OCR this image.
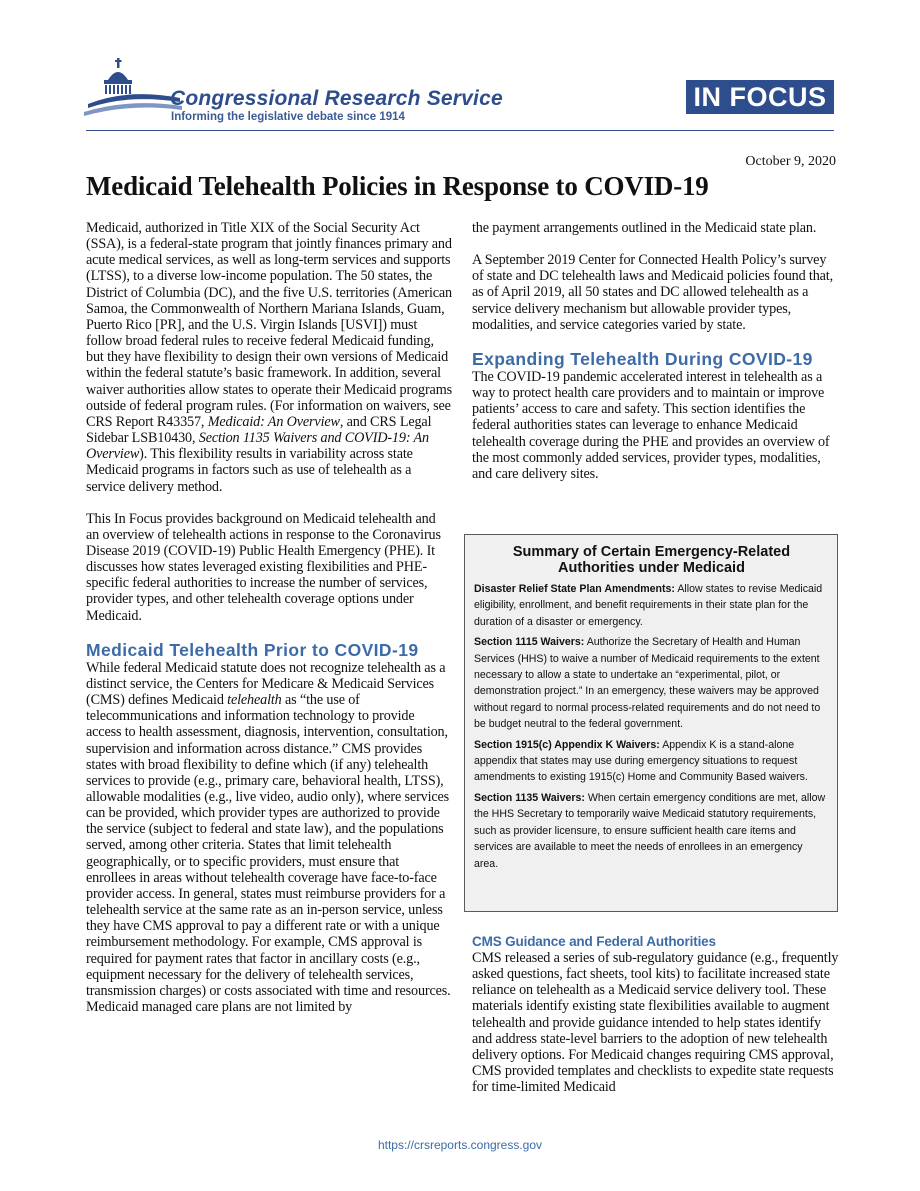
Congressional Research Service
Informing the legislative debate since 1914
IN FOCUS
October 9, 2020
Medicaid Telehealth Policies in Response to COVID-19

Medicaid, authorized in Title XIX of the Social Security Act (SSA), is a federal-state program that jointly finances primary and acute medical services, as well as long-term services and supports (LTSS), to a diverse low-income population. The 50 states, the District of Columbia (DC), and the five U.S. territories (American Samoa, the Commonwealth of Northern Mariana Islands, Guam, Puerto Rico [PR], and the U.S. Virgin Islands [USVI]) must follow broad federal rules to receive federal Medicaid funding, but they have flexibility to design their own versions of Medicaid within the federal statute’s basic framework. In addition, several waiver authorities allow states to operate their Medicaid programs outside of federal program rules. (For information on waivers, see CRS Report R43357, Medicaid: An Overview, and CRS Legal Sidebar LSB10430, Section 1135 Waivers and COVID-19: An Overview). This flexibility results in variability across state Medicaid programs in factors such as use of telehealth as a service delivery method.

This In Focus provides background on Medicaid telehealth and an overview of telehealth actions in response to the Coronavirus Disease 2019 (COVID-19) Public Health Emergency (PHE). It discusses how states leveraged existing flexibilities and PHE-specific federal authorities to increase the number of services, provider types, and other telehealth coverage options under Medicaid.

Medicaid Telehealth Prior to COVID-19

While federal Medicaid statute does not recognize telehealth as a distinct service, the Centers for Medicare & Medicaid Services (CMS) defines Medicaid telehealth as “the use of telecommunications and information technology to provide access to health assessment, diagnosis, intervention, consultation, supervision and information across distance.” CMS provides states with broad flexibility to define which (if any) telehealth services to provide (e.g., primary care, behavioral health, LTSS), allowable modalities (e.g., live video, audio only), where services can be provided, which provider types are authorized to provide the service (subject to federal and state law), and the populations served, among other criteria. States that limit telehealth geographically, or to specific providers, must ensure that enrollees in areas without telehealth coverage have face-to-face provider access. In general, states must reimburse providers for a telehealth service at the same rate as an in-person service, unless they have CMS approval to pay a different rate or with a unique reimbursement methodology. For example, CMS approval is required for payment rates that factor in ancillary costs (e.g., equipment necessary for the delivery of telehealth services, transmission charges) or costs associated with time and resources. Medicaid managed care plans are not limited by

the payment arrangements outlined in the Medicaid state plan.

A September 2019 Center for Connected Health Policy’s survey of state and DC telehealth laws and Medicaid policies found that, as of April 2019, all 50 states and DC allowed telehealth as a service delivery mechanism but allowable provider types, modalities, and service categories varied by state.

Expanding Telehealth During COVID-19

The COVID-19 pandemic accelerated interest in telehealth as a way to protect health care providers and to maintain or improve patients’ access to care and safety. This section identifies the federal authorities states can leverage to enhance Medicaid telehealth coverage during the PHE and provides an overview of the most commonly added services, provider types, modalities, and care delivery sites.

Summary of Certain Emergency-Related Authorities under Medicaid

Disaster Relief State Plan Amendments: Allow states to revise Medicaid eligibility, enrollment, and benefit requirements in their state plan for the duration of a disaster or emergency.

Section 1115 Waivers: Authorize the Secretary of Health and Human Services (HHS) to waive a number of Medicaid requirements to the extent necessary to allow a state to undertake an “experimental, pilot, or demonstration project.” In an emergency, these waivers may be approved without regard to normal process-related requirements and do not need to be budget neutral to the federal government.

Section 1915(c) Appendix K Waivers: Appendix K is a stand-alone appendix that states may use during emergency situations to request amendments to existing 1915(c) Home and Community Based waivers.

Section 1135 Waivers: When certain emergency conditions are met, allow the HHS Secretary to temporarily waive Medicaid statutory requirements, such as provider licensure, to ensure sufficient health care items and services are available to meet the needs of enrollees in an emergency area.

CMS Guidance and Federal Authorities

CMS released a series of sub-regulatory guidance (e.g., frequently asked questions, fact sheets, tool kits) to facilitate increased state reliance on telehealth as a Medicaid service delivery tool. These materials identify existing state flexibilities available to augment telehealth and provide guidance intended to help states identify and address state-level barriers to the adoption of new telehealth delivery options. For Medicaid changes requiring CMS approval, CMS provided templates and checklists to expedite state requests for time-limited Medicaid

https://crsreports.congress.gov
